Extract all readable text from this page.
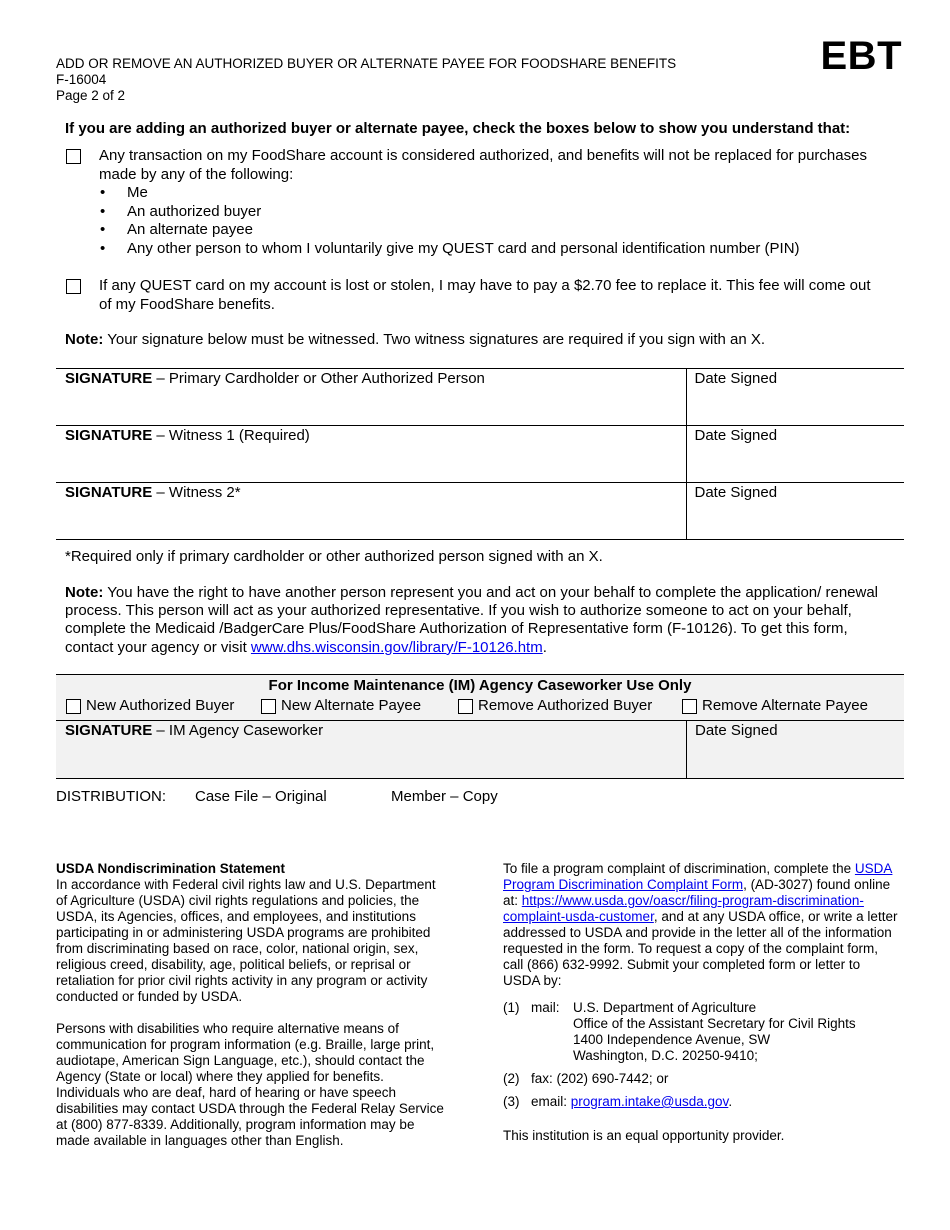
ADD OR REMOVE AN AUTHORIZED BUYER OR ALTERNATE PAYEE FOR FOODSHARE BENEFITS
F-16004
Page 2 of 2
EBT
If you are adding an authorized buyer or alternate payee, check the boxes below to show you understand that:
Any transaction on my FoodShare account is considered authorized, and benefits will not be replaced for purchases made by any of the following:
• Me
• An authorized buyer
• An alternate payee
• Any other person to whom I voluntarily give my QUEST card and personal identification number (PIN)
If any QUEST card on my account is lost or stolen, I may have to pay a $2.70 fee to replace it. This fee will come out of my FoodShare benefits.
Note: Your signature below must be witnessed. Two witness signatures are required if you sign with an X.
SIGNATURE – Primary Cardholder or Other Authorized Person	Date Signed
SIGNATURE – Witness 1 (Required)	Date Signed
SIGNATURE – Witness 2*	Date Signed
*Required only if primary cardholder or other authorized person signed with an X.
Note: You have the right to have another person represent you and act on your behalf to complete the application/ renewal process. This person will act as your authorized representative. If you wish to authorize someone to act on your behalf, complete the Medicaid /BadgerCare Plus/FoodShare Authorization of Representative form (F-10126). To get this form, contact your agency or visit www.dhs.wisconsin.gov/library/F-10126.htm.
For Income Maintenance (IM) Agency Caseworker Use Only
New Authorized Buyer	New Alternate Payee	Remove Authorized Buyer	Remove Alternate Payee
SIGNATURE – IM Agency Caseworker	Date Signed
DISTRIBUTION: Case File – Original	Member – Copy
USDA Nondiscrimination Statement
In accordance with Federal civil rights law and U.S. Department of Agriculture (USDA) civil rights regulations and policies, the USDA, its Agencies, offices, and employees, and institutions participating in or administering USDA programs are prohibited from discriminating based on race, color, national origin, sex, religious creed, disability, age, political beliefs, or reprisal or retaliation for prior civil rights activity in any program or activity conducted or funded by USDA.
Persons with disabilities who require alternative means of communication for program information (e.g. Braille, large print, audiotape, American Sign Language, etc.), should contact the Agency (State or local) where they applied for benefits. Individuals who are deaf, hard of hearing or have speech disabilities may contact USDA through the Federal Relay Service at (800) 877-8339. Additionally, program information may be made available in languages other than English.
To file a program complaint of discrimination, complete the USDA Program Discrimination Complaint Form, (AD-3027) found online at: https://www.usda.gov/oascr/filing-program-discrimination-complaint-usda-customer, and at any USDA office, or write a letter addressed to USDA and provide in the letter all of the information requested in the form. To request a copy of the complaint form, call (866) 632-9992. Submit your completed form or letter to USDA by:
(1) mail: U.S. Department of Agriculture
Office of the Assistant Secretary for Civil Rights
1400 Independence Avenue, SW
Washington, D.C. 20250-9410;
(2) fax: (202) 690-7442; or
(3) email: program.intake@usda.gov.
This institution is an equal opportunity provider.
